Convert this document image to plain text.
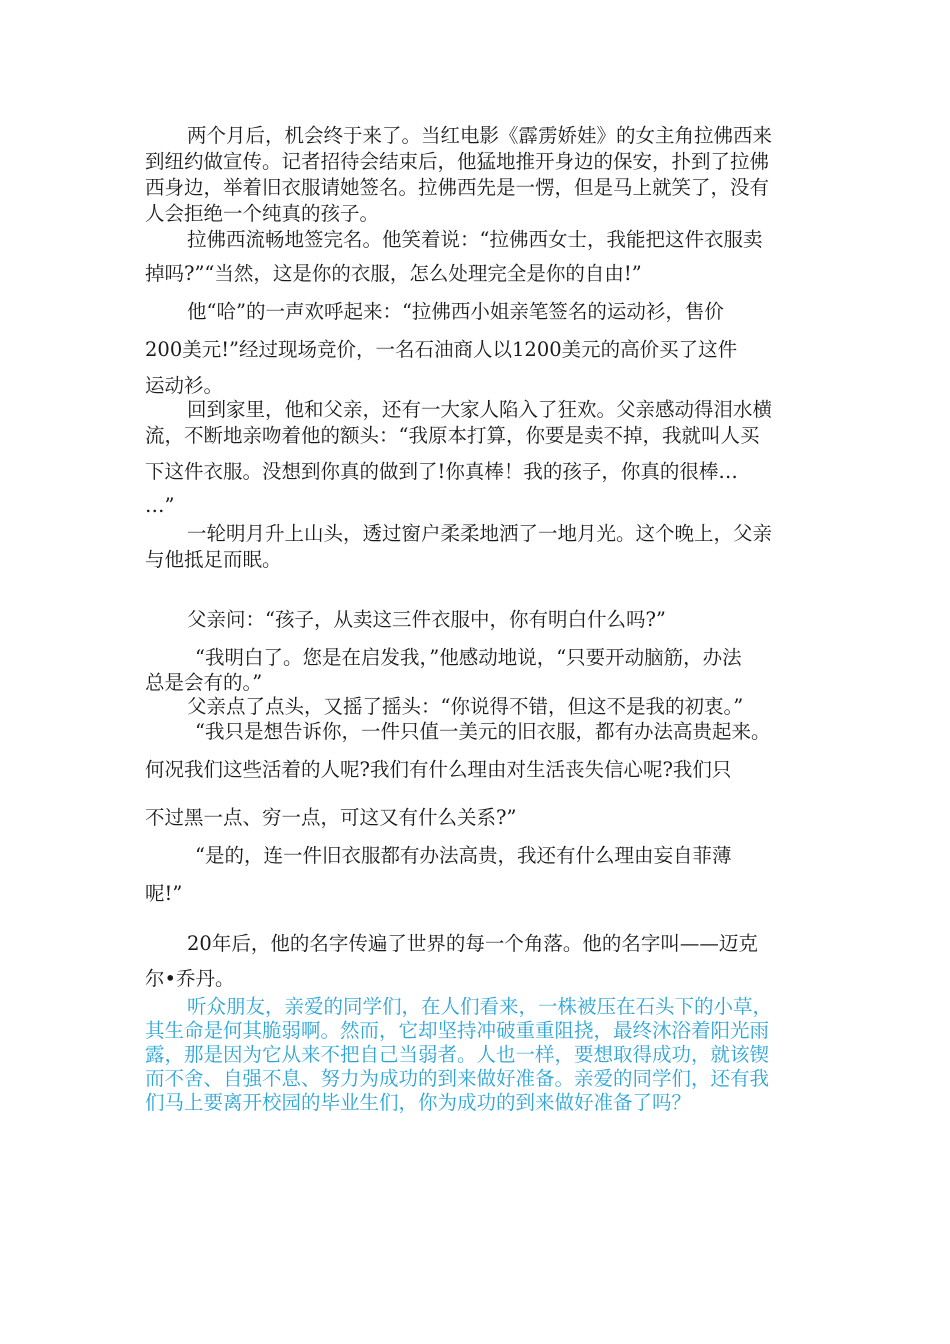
两个月后，机会终于来了。当红电影《霹雳娇娃》的女主角拉佛西来

到纽约做宣传。记者招待会结束后，他猛地推开身边的保安，扑到了拉佛

西身边，举着旧衣服请她签名。拉佛西先是一愣，但是马上就笑了，没有

人会拒绝一个纯真的孩子。

拉佛西流畅地签完名。他笑着说：“拉佛西女士，我能把这件衣服卖

掉吗?”“当然，这是你的衣服，怎么处理完全是你的自由!”

他“哈”的一声欢呼起来：“拉佛西小姐亲笔签名的运动衫，售价

200美元!”经过现场竞价，一名石油商人以1200美元的高价买了这件

运动衫。

回到家里，他和父亲，还有一大家人陷入了狂欢。父亲感动得泪水横

流，不断地亲吻着他的额头：“我原本打算，你要是卖不掉，我就叫人买

下这件衣服。没想到你真的做到了!你真棒！我的孩子，你真的很棒…

…”

一轮明月升上山头，透过窗户柔柔地洒了一地月光。这个晚上，父亲

与他抵足而眠。

父亲问：“孩子，从卖这三件衣服中，你有明白什么吗?”

“我明白了。您是在启发我，”他感动地说，“只要开动脑筋，办法

总是会有的。”

父亲点了点头，又摇了摇头：“你说得不错，但这不是我的初衷。”

“我只是想告诉你，一件只值一美元的旧衣服，都有办法高贵起来。

何况我们这些活着的人呢?我们有什么理由对生活丧失信心呢?我们只

不过黑一点、穷一点，可这又有什么关系?”

“是的，连一件旧衣服都有办法高贵，我还有什么理由妄自菲薄

呢!”

20年后，他的名字传遍了世界的每一个角落。他的名字叫——迈克

尔•乔丹。

听众朋友，亲爱的同学们，在人们看来，一株被压在石头下的小草，

其生命是何其脆弱啊。然而，它却坚持冲破重重阻挠，最终沐浴着阳光雨

露，那是因为它从来不把自己当弱者。人也一样，要想取得成功，就该锲

而不舍、自强不息、努力为成功的到来做好准备。亲爱的同学们，还有我

们马上要离开校园的毕业生们，你为成功的到来做好准备了吗？
